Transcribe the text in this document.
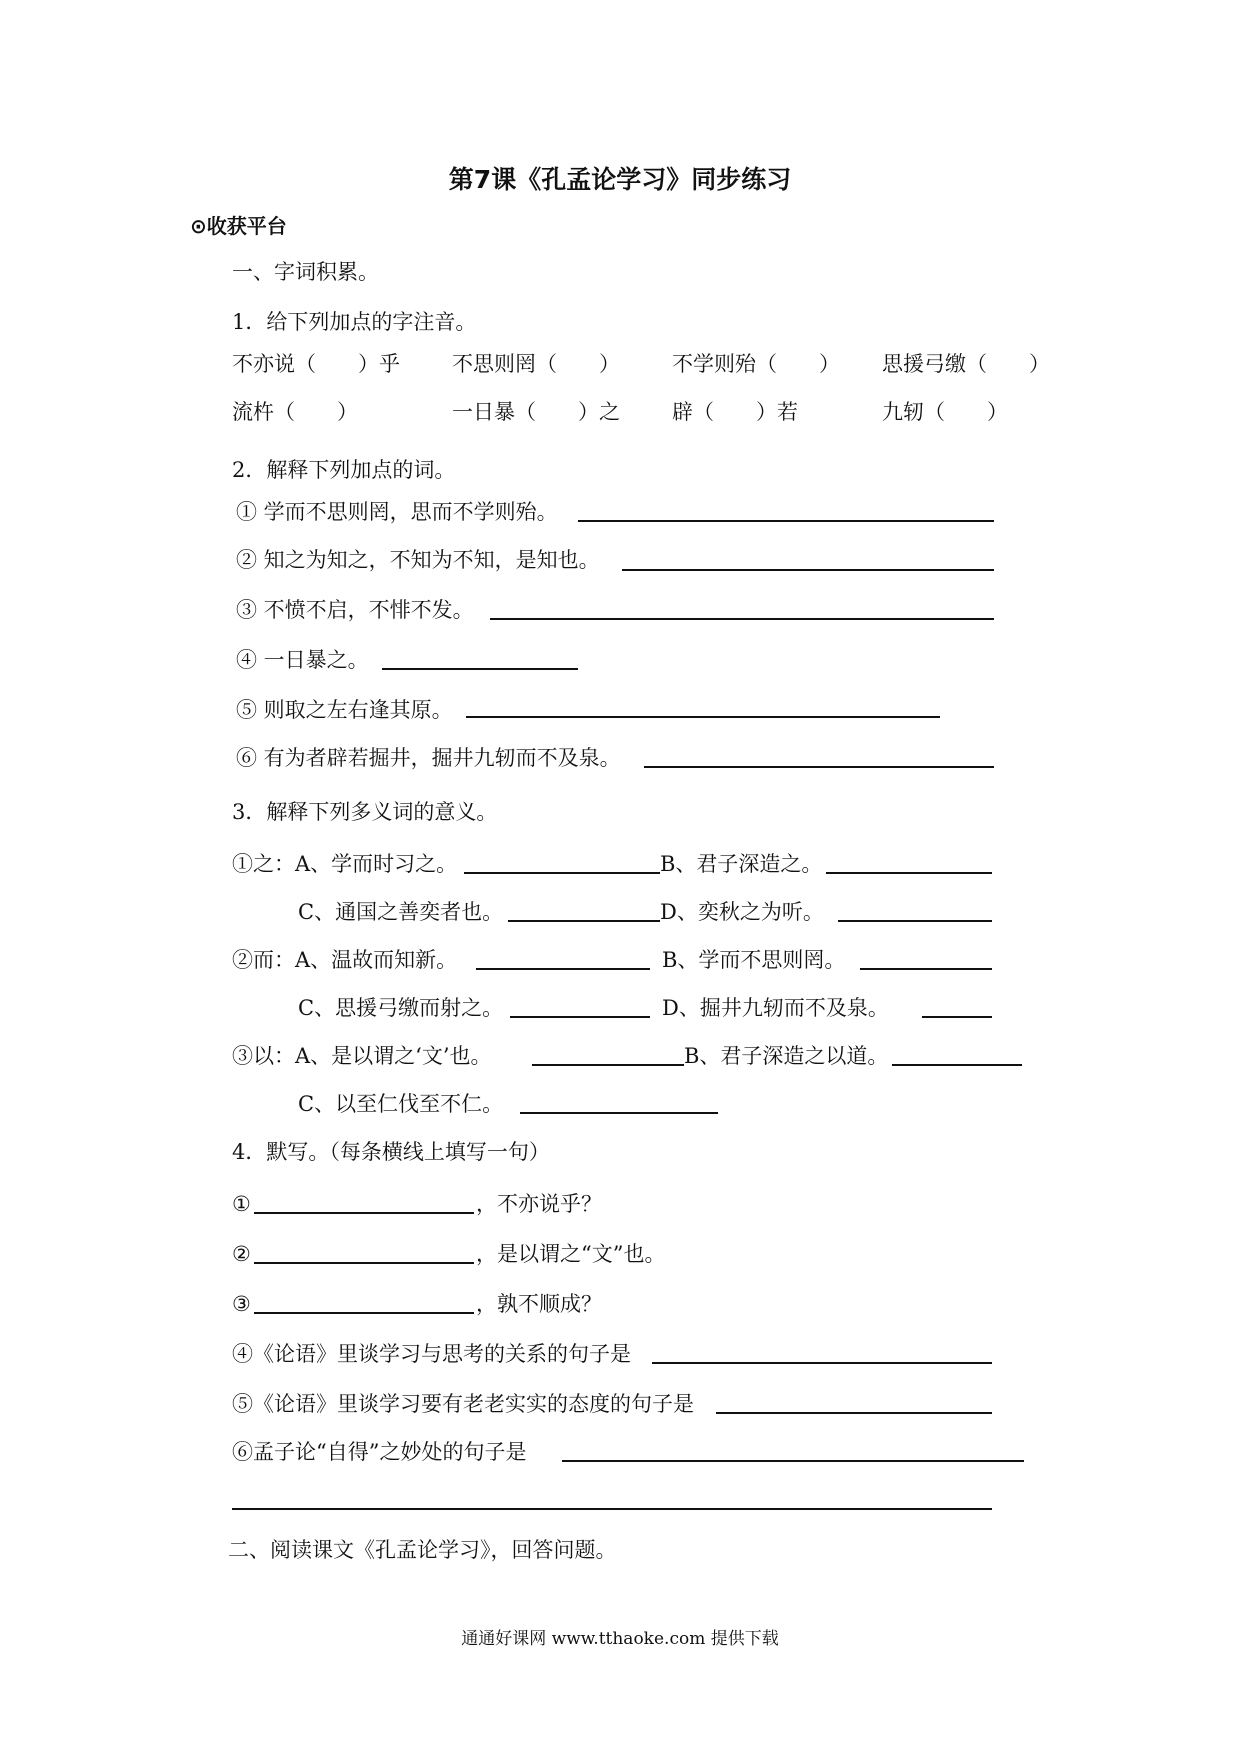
第7课《孔孟论学习》同步练习
⊙收获平台
一、字词积累。
1．给下列加点的字注音。
不亦说（　　）乎 不思则罔（　　） 不学则殆（　　） 思援弓缴（　　）
流杵（　　）	一日暴（　　）之 辟（　　）若	九轫（　　）
2．解释下列加点的词。
① 学而不思则罔，思而不学则殆。
② 知之为知之，不知为不知，是知也。
③ 不愤不启，不悱不发。
④ 一日暴之。
⑤ 则取之左右逢其原。
⑥ 有为者辟若掘井，掘井九轫而不及泉。
3．解释下列多义词的意义。
①之：A、学而时习之。	B、君子深造之。
C、通国之善奕者也。	D、奕秋之为听。
②而：A、温故而知新。	B、学而不思则罔。
C、思援弓缴而射之。	D、掘井九轫而不及泉。
③以：A、是以谓之‘文’也。	B、君子深造之以道。
C、以至仁伐至不仁。
4．默写。（每条横线上填写一句）
①	，不亦说乎？
②	，是以谓之“文”也。
③	，孰不顺成？
④《论语》里谈学习与思考的关系的句子是
⑤《论语》里谈学习要有老老实实的态度的句子是
⑥孟子论“自得”之妙处的句子是
二、阅读课文《孔孟论学习》，回答问题。
通通好课网 www.tthaoke.com 提供下载
